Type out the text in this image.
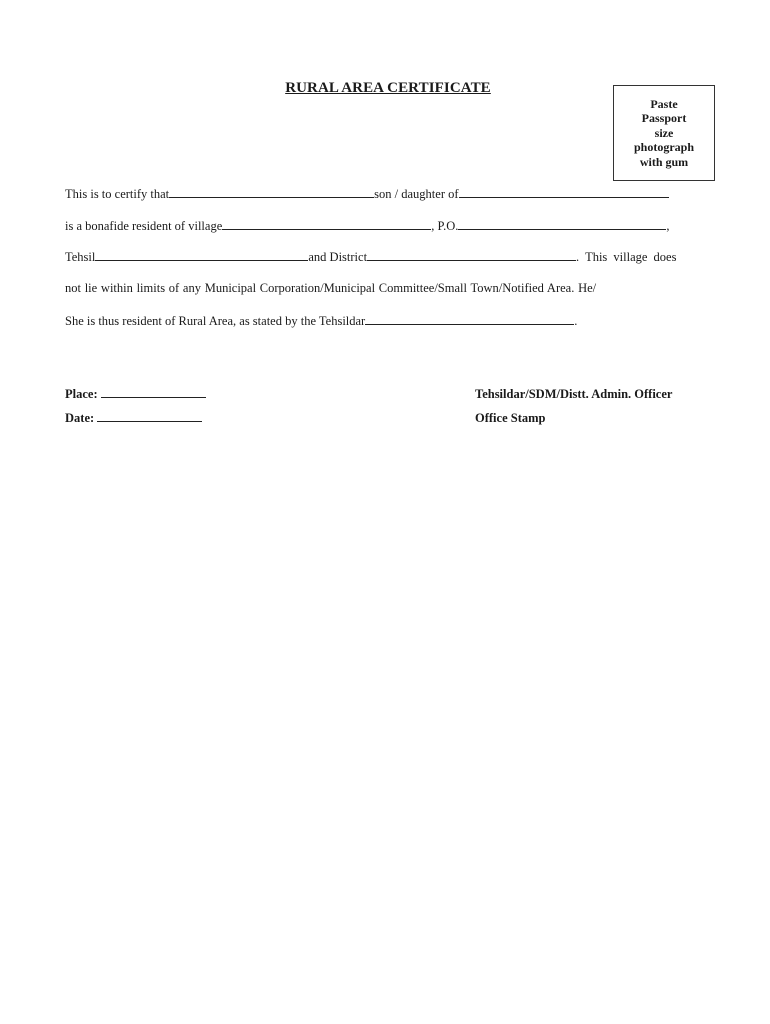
RURAL AREA CERTIFICATE
Paste
Passport
size
photograph
with gum
This is to certify that	son / daughter of
is a bonafide resident of village	, P.O.	,
Tehsil	and District	. This village does
not lie within limits of any Municipal Corporation/Municipal Committee/Small Town/Notified Area. He/
She is thus resident of Rural Area, as stated by the Tehsildar	.
Place:
Date:
Tehsildar/SDM/Distt. Admin. Officer
Office Stamp
